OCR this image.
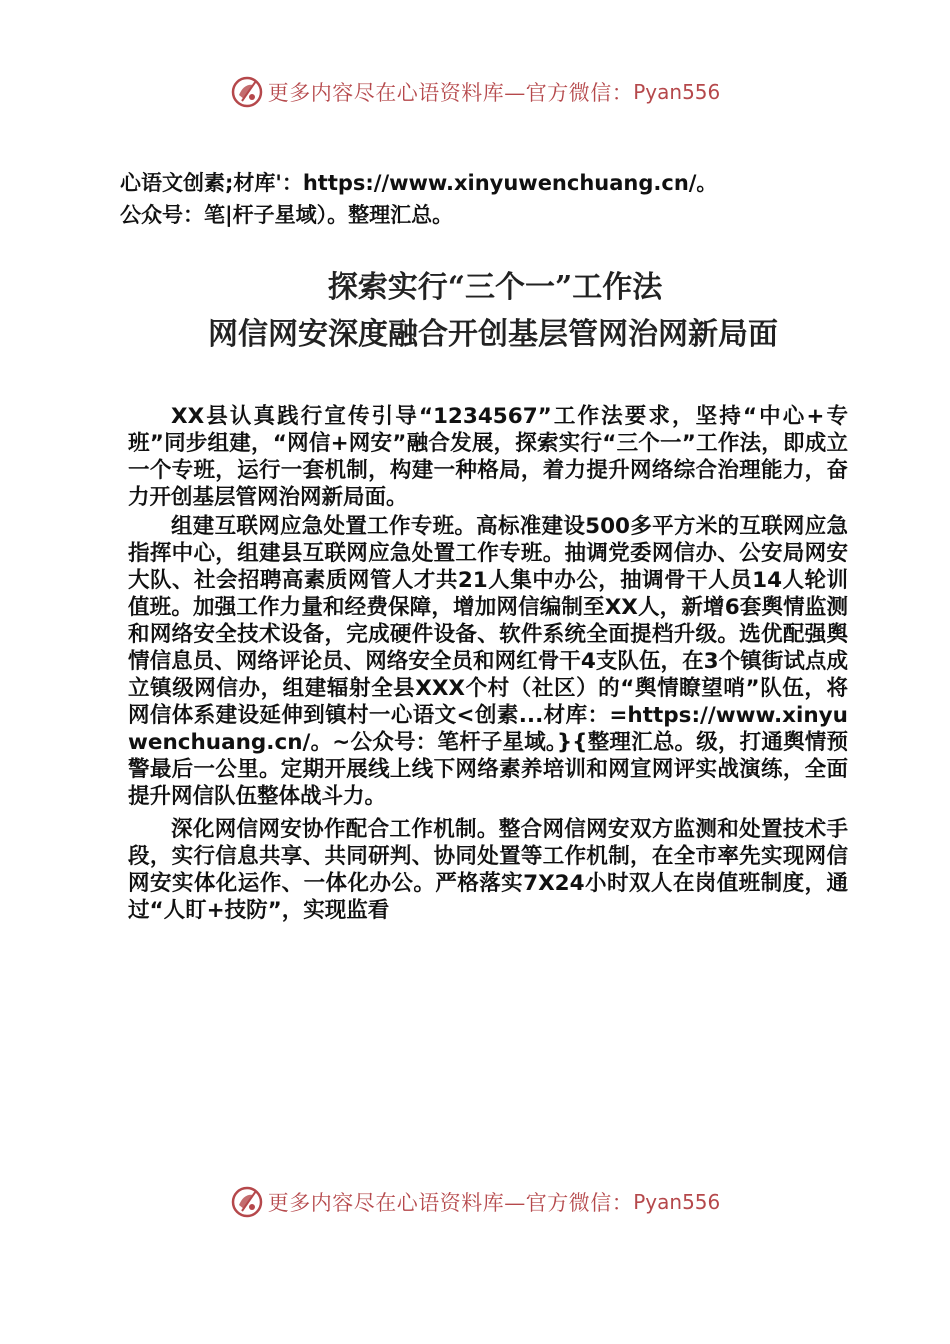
更多内容尽在心语资料库—官方微信： Pyan556
心语文创素;材库'：https://www.xinyuwenchuang.cn/。
公众号：笔|杆子星域）。整理汇总。
探索实行“三个一”工作法
网信网安深度融合开创基层管网治网新局面

XX县认真践行宣传引导“1234567”工作法要求，坚持“中心+专班”同步组建，“网信+网安”融合发展，探索实行“三个一”工作法，即成立一个专班，运行一套机制，构建一种格局，着力提升网络综合治理能力，奋力开创基层管网治网新局面。

组建互联网应急处置工作专班。高标准建设500多平方米的互联网应急指挥中心，组建县互联网应急处置工作专班。抽调党委网信办、公安局网安大队、社会招聘高素质网管人才共21人集中办公，抽调骨干人员14人轮训值班。加强工作力量和经费保障，增加网信编制至XX人，新增6套舆情监测和网络安全技术设备，完成硬件设备、软件系统全面提档升级。选优配强舆情信息员、网络评论员、网络安全员和网红骨干4支队伍，在3个镇街试点成立镇级网信办，组建辐射全县XXX个村（社区）的“舆情瞭望哨”队伍，将网信体系建设延伸到镇村一心语文<创素...材库：=https://www.xinyuwenchuang.cn/。~公众号：笔杆子星域。}{整理汇总。级，打通舆情预警最后一公里。定期开展线上线下网络素养培训和网宣网评实战演练，全面提升网信队伍整体战斗力。

深化网信网安协作配合工作机制。整合网信网安双方监测和处置技术手段，实行信息共享、共同研判、协同处置等工作机制，在全市率先实现网信网安实体化运作、一体化办公。严格落实7X24小时双人在岗值班制度，通过“人盯+技防”，实现监看

更多内容尽在心语资料库—官方微信： Pyan556
